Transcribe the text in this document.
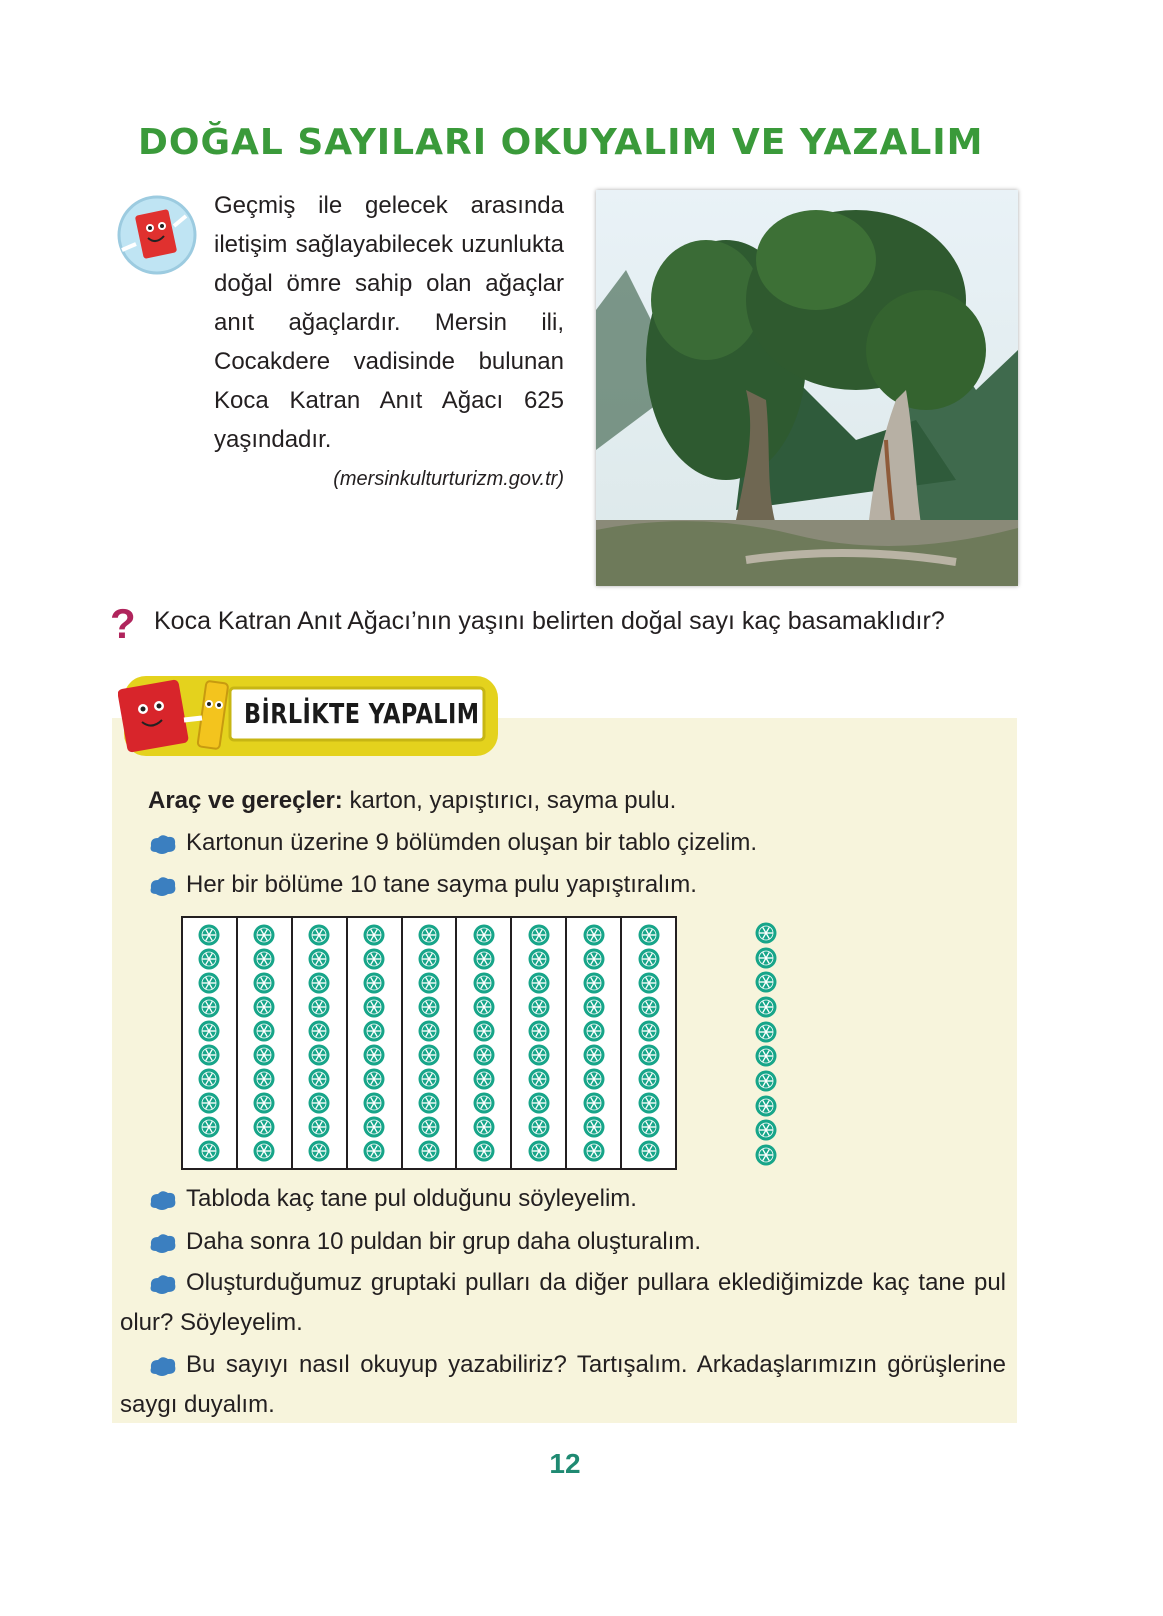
DOĞAL SAYILARI OKUYALIM VE YAZALIM

Geçmiş ile gelecek arasında iletişim sağlayabilecek uzunlukta doğal ömre sahip olan ağaçlar anıt ağaçlardır. Mersin ili, Cocakdere vadisinde bulunan Koca Katran Anıt Ağacı 625 yaşındadır.

(mersinkulturturizm.gov.tr)
? Koca Katran Anıt Ağacı’nın yaşını belirten doğal sayı kaç basamaklıdır?
BİRLİKTE YAPALIM
Araç ve gereçler: karton, yapıştırıcı, sayma pulu.
Kartonun üzerine 9 bölümden oluşan bir tablo çizelim.
Her bir bölüme 10 tane sayma pulu yapıştıralım.
Tabloda kaç tane pul olduğunu söyleyelim.
Daha sonra 10 puldan bir grup daha oluşturalım.

Oluşturduğumuz gruptaki pulları da diğer pullara eklediğimizde kaç tane pul olur? Söyleyelim.

Bu sayıyı nasıl okuyup yazabiliriz? Tartışalım. Arkadaşlarımızın görüşlerine saygı duyalım.

12
